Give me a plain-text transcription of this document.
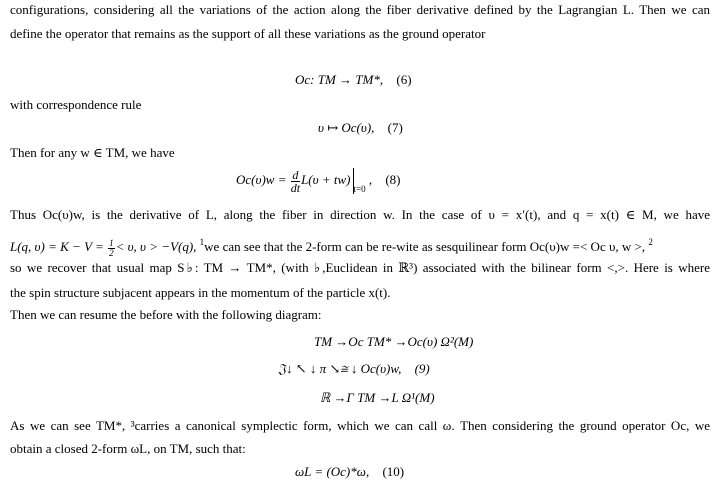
configurations, considering all the variations of the action along the fiber derivative defined by the Lagrangian L. Then we can
define the operator that remains as the support of all these variations as the ground operator
Oc: TM → TM*, (6)
with correspondence rule
υ ↦ Oc(υ), (7)
Then for any w ∈ TM, we have
$Oc(\upsilon)w = \frac{d}{dt} L(\upsilon + tw)_{t=0}$ , (8)
Thus Oc(υ)w, is the derivative of L, along the fiber in direction w. In the case of υ = x′(t), and q = x(t) ∈ M, we have
L(q, $\upsilon) = K - V = \frac{1}{2} < \upsilon$, υ > −V(q), $^1$we can see that the 2-form can be re-wite as sesquilinear form Oc(υ)w =< Oc υ, w >, $^2$
so we recover that usual map S♭: TM → TM*, (with ♭,Euclidean in ℝ³) associated with the bilinear form <,>. Here is where
the spin structure subjacent appears in the momentum of the particle x(t).
Then we can resume the before with the following diagram:
TM →Oc TM* →Oc(υ) Ω²(M)
𝔍↓ ↖ ↓ π ↘≅ ↓ Oc(υ)w, (9)
ℝ →Γ TM →L Ω¹(M)
As we can see TM*, ³carries a canonical symplectic form, which we can call ω. Then considering the ground operator Oc, we
obtain a closed 2-form ωL, on TM, such that:
ωL = (Oc)*ω, (10)
